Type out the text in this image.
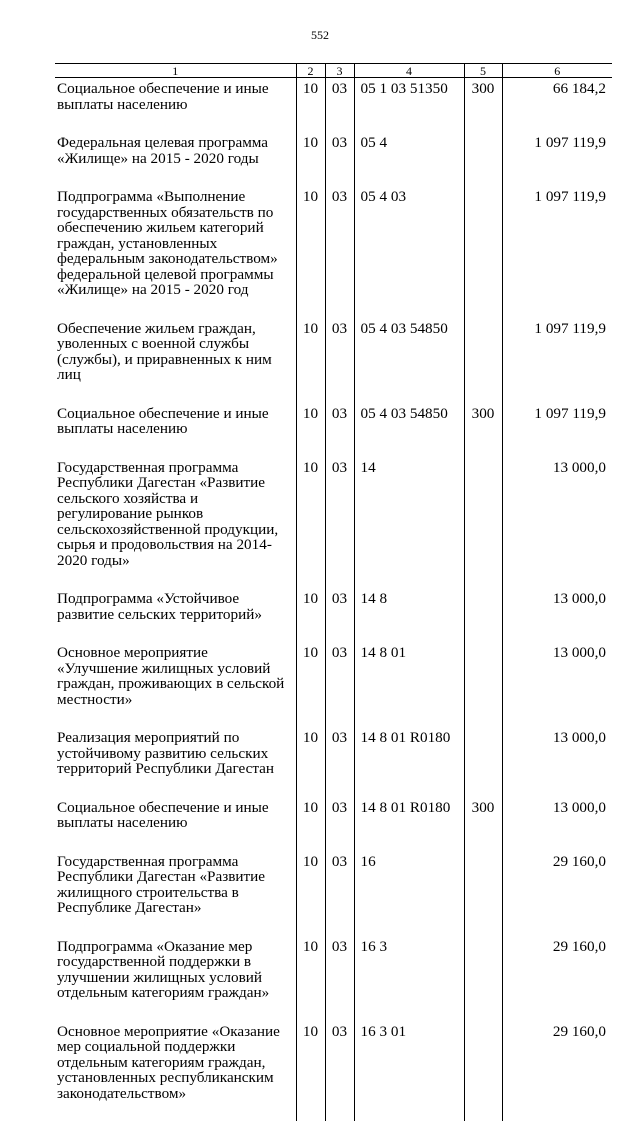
552
1	2	3	4	5	6
Социальное обеспечение и иные выплаты населению	10	03	05 1 03 51350	300	66 184,2
Федеральная целевая программа «Жилище» на 2015 - 2020 годы	10	03	05 4		1 097 119,9
Подпрограмма «Выполнение государственных обязательств по обеспечению жильем категорий граждан, установленных федеральным законодательством» федеральной целевой программы «Жилище» на 2015 - 2020 год	10	03	05 4 03		1 097 119,9
Обеспечение жильем граждан, уволенных с военной службы (службы), и приравненных к ним лиц	10	03	05 4 03 54850		1 097 119,9
Социальное обеспечение и иные выплаты населению	10	03	05 4 03 54850	300	1 097 119,9
Государственная программа Республики Дагестан «Развитие сельского хозяйства и регулирование рынков сельскохозяйственной продукции, сырья и продовольствия на 2014-2020 годы»	10	03	14		13 000,0
Подпрограмма «Устойчивое развитие сельских территорий»	10	03	14 8		13 000,0
Основное мероприятие «Улучшение жилищных условий граждан, проживающих в сельской местности»	10	03	14 8 01		13 000,0
Реализация мероприятий по устойчивому развитию сельских территорий Республики Дагестан	10	03	14 8 01 R0180		13 000,0
Социальное обеспечение и иные выплаты населению	10	03	14 8 01 R0180	300	13 000,0
Государственная программа Республики Дагестан «Развитие жилищного строительства в Республике Дагестан»	10	03	16		29 160,0
Подпрограмма «Оказание мер государственной поддержки в улучшении жилищных условий отдельным категориям граждан»	10	03	16 3		29 160,0
Основное мероприятие «Оказание мер социальной поддержки отдельным категориям граждан, установленных республиканским законодательством»	10	03	16 3 01		29 160,0
